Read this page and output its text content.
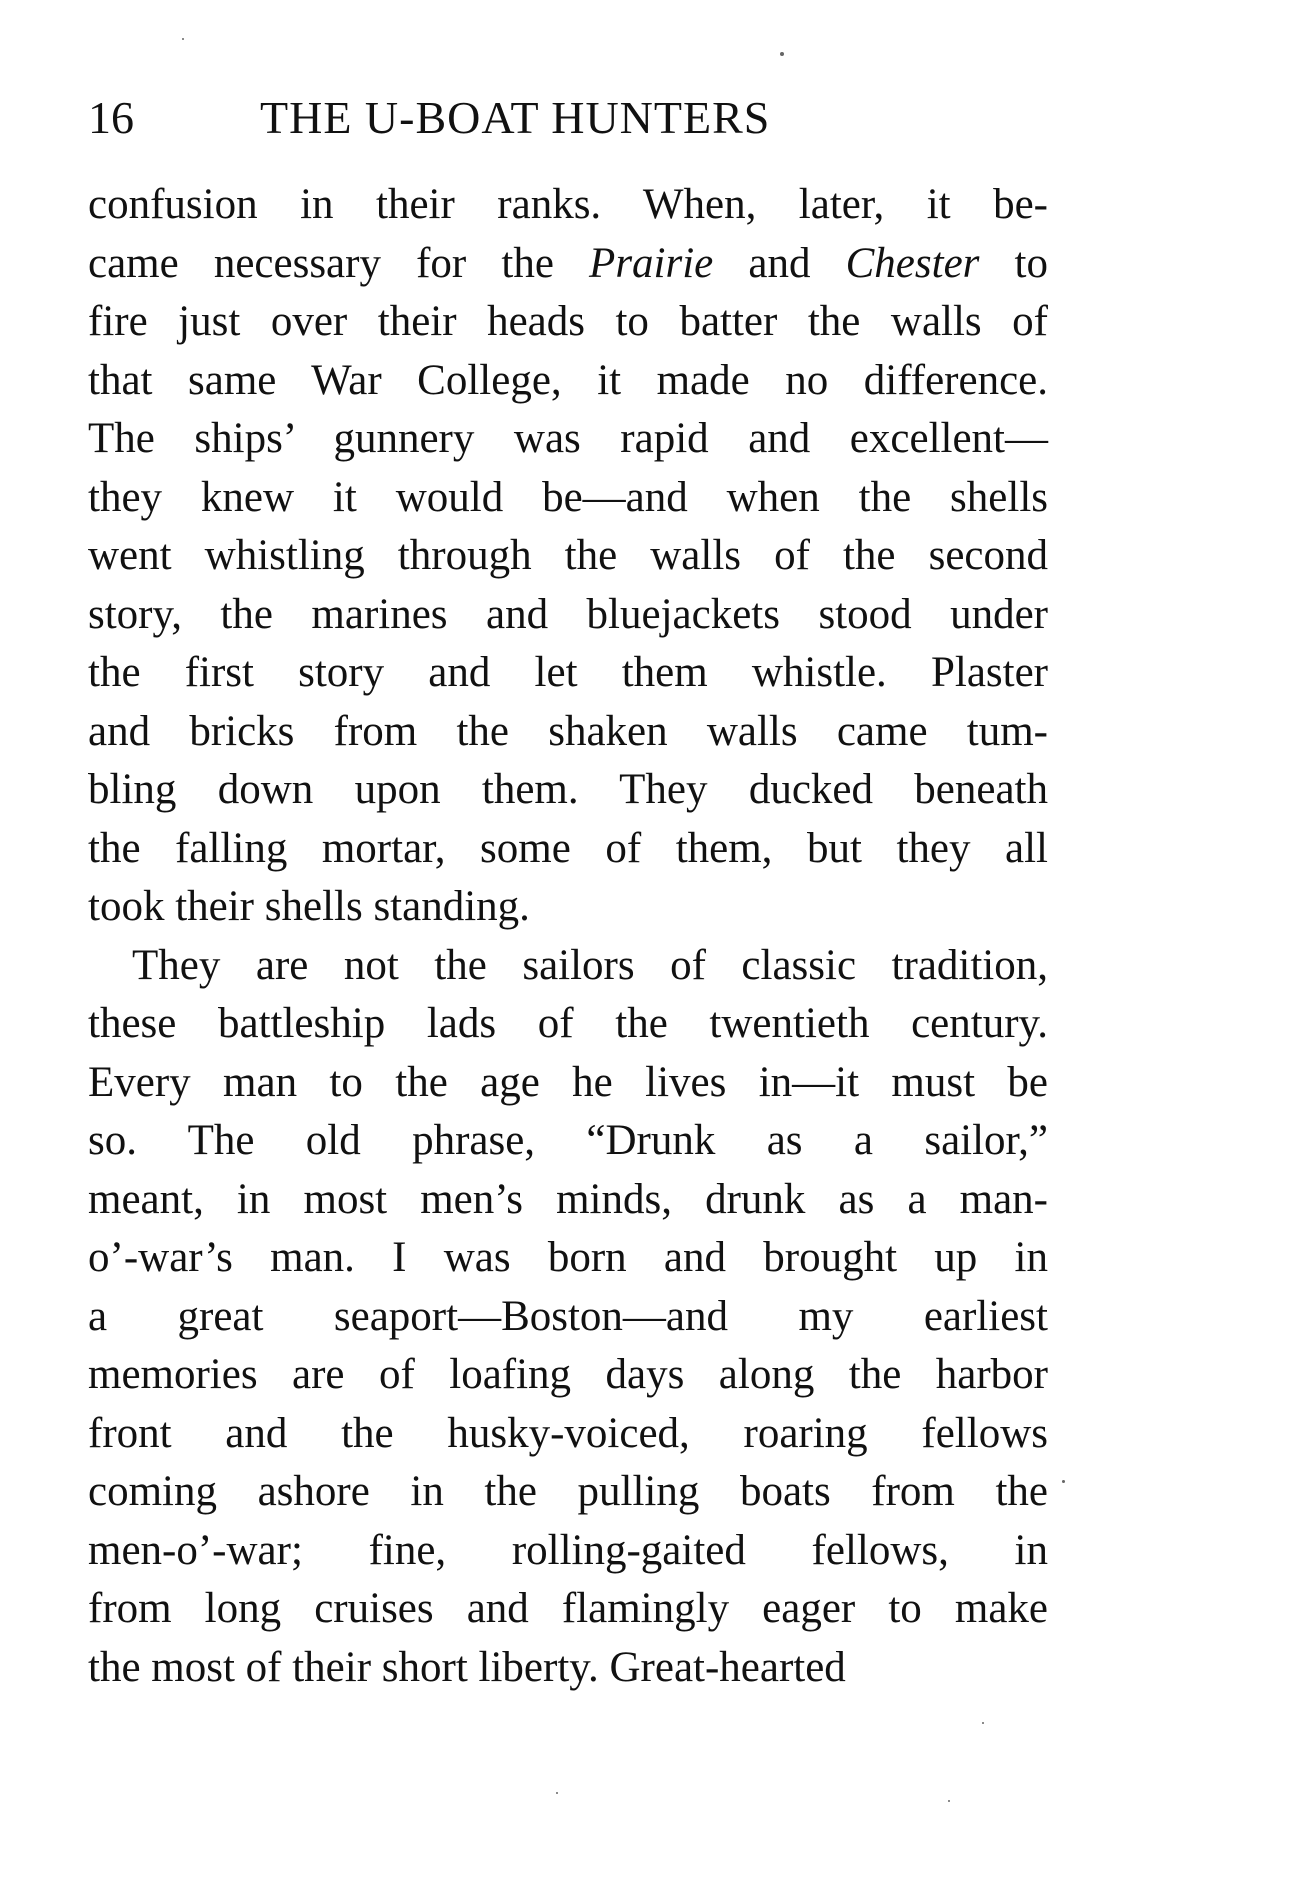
16	THE U-BOAT HUNTERS
confusion in their ranks. When, later, it be-
came necessary for the Prairie and Chester to
fire just over their heads to batter the walls of
that same War College, it made no difference.
The ships’ gunnery was rapid and excellent—
they knew it would be—and when the shells
went whistling through the walls of the second
story, the marines and bluejackets stood under
the first story and let them whistle. Plaster
and bricks from the shaken walls came tum-
bling down upon them. They ducked beneath
the falling mortar, some of them, but they all
took their shells standing.
They are not the sailors of classic tradition,
these battleship lads of the twentieth century.
Every man to the age he lives in—it must be
so. The old phrase, “Drunk as a sailor,”
meant, in most men’s minds, drunk as a man-
o’-war’s man. I was born and brought up in
a great seaport—Boston—and my earliest
memories are of loafing days along the harbor
front and the husky-voiced, roaring fellows
coming ashore in the pulling boats from the
men-o’-war; fine, rolling-gaited fellows, in
from long cruises and flamingly eager to make
the most of their short liberty. Great-hearted
